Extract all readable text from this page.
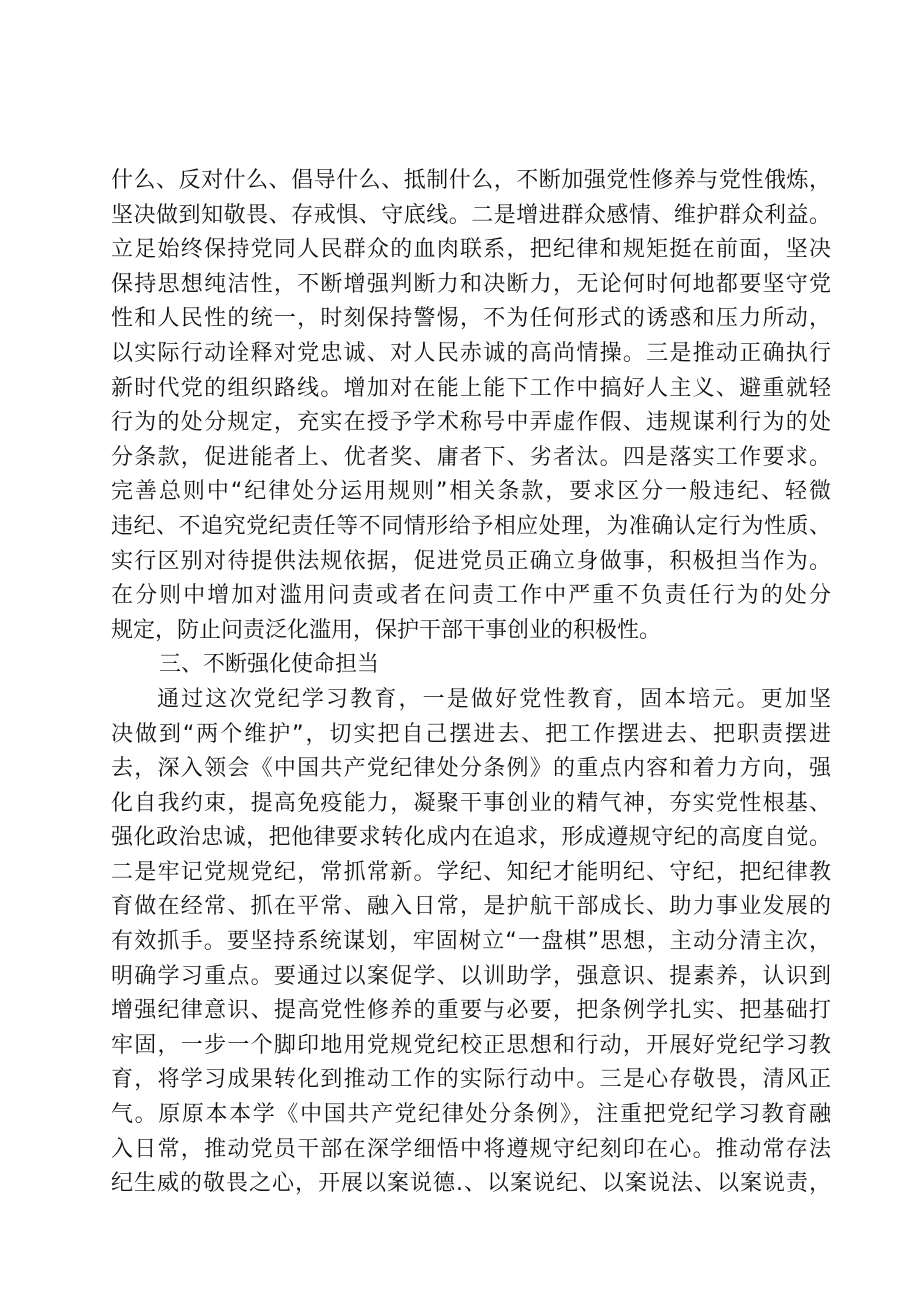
什么、反对什么、倡导什么、抵制什么，不断加强党性修养与党性俄炼，
坚决做到知敬畏、存戒惧、守底线。二是增进群众感情、维护群众利益。
立足始终保持党同人民群众的血肉联系，把纪律和规矩挺在前面，坚决
保持思想纯洁性，不断增强判断力和决断力，无论何时何地都要坚守党
性和人民性的统一，时刻保持警惕，不为任何形式的诱惑和压力所动，
以实际行动诠释对党忠诚、对人民赤诚的高尚情操。三是推动正确执行
新时代党的组织路线。增加对在能上能下工作中搞好人主义、避重就轻
行为的处分规定，充实在授予学术称号中弄虚作假、违规谋利行为的处
分条款，促进能者上、优者奖、庸者下、劣者汰。四是落实工作要求。
完善总则中“纪律处分运用规则”相关条款，要求区分一般违纪、轻微
违纪、不追究党纪责任等不同情形给予相应处理，为准确认定行为性质、
实行区别对待提供法规依据，促进党员正确立身做事，积极担当作为。
在分则中增加对滥用问责或者在问责工作中严重不负责任行为的处分
规定，防止问责泛化滥用，保护干部干事创业的积极性。
三、不断强化使命担当
通过这次党纪学习教育，一是做好党性教育，固本培元。更加坚
决做到“两个维护”，切实把自己摆进去、把工作摆进去、把职责摆进
去，深入领会《中国共产党纪律处分条例》的重点内容和着力方向，强
化自我约束，提高免疫能力，凝聚干事创业的精气神，夯实党性根基、
强化政治忠诚，把他律要求转化成内在追求，形成遵规守纪的高度自觉。
二是牢记党规党纪，常抓常新。学纪、知纪才能明纪、守纪，把纪律教
育做在经常、抓在平常、融入日常，是护航干部成长、助力事业发展的
有效抓手。要坚持系统谋划，牢固树立“一盘棋”思想，主动分清主次，
明确学习重点。要通过以案促学、以训助学，强意识、提素养，认识到
增强纪律意识、提高党性修养的重要与必要，把条例学扎实、把基础打
牢固，一步一个脚印地用党规党纪校正思想和行动，开展好党纪学习教
育，将学习成果转化到推动工作的实际行动中。三是心存敬畏，清风正
气。原原本本学《中国共产党纪律处分条例》，注重把党纪学习教育融
入日常，推动党员干部在深学细悟中将遵规守纪刻印在心。推动常存法
纪生威的敬畏之心，开展以案说德.、以案说纪、以案说法、以案说责，
